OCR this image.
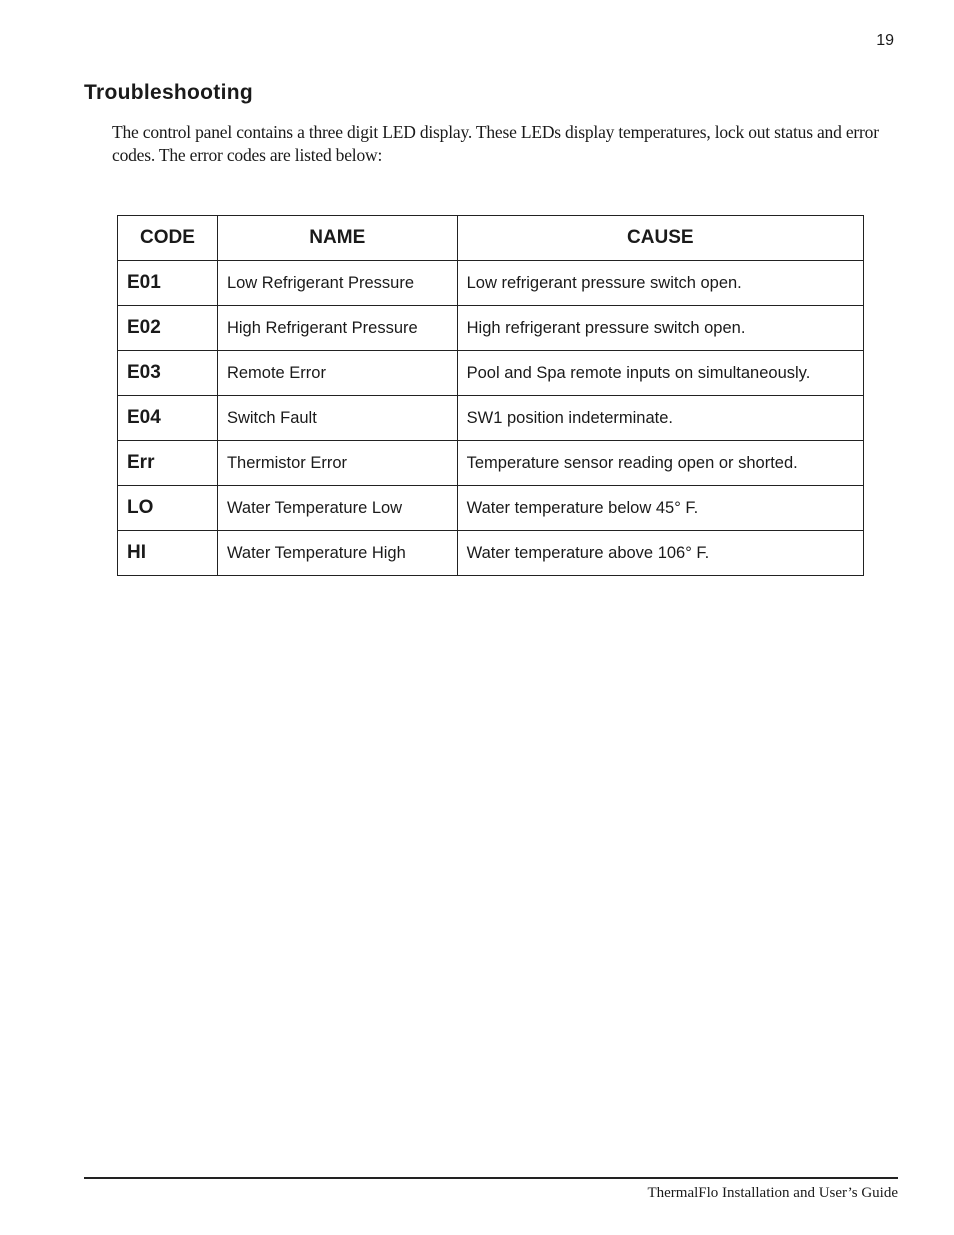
19
Troubleshooting

The control panel contains a three digit LED display. These LEDs display temperatures, lock out status and error codes. The error codes are listed below:

CODE	NAME	CAUSE
E01	Low Refrigerant Pressure	Low refrigerant pressure switch open.
E02	High Refrigerant Pressure	High refrigerant pressure switch open.
E03	Remote Error	Pool and Spa remote inputs on simultaneously.
E04	Switch Fault	SW1 position indeterminate.
Err	Thermistor Error	Temperature sensor reading open or shorted.
LO	Water Temperature Low	Water temperature below 45° F.
HI	Water Temperature High	Water temperature above 106° F.
ThermalFlo Installation and User’s Guide
